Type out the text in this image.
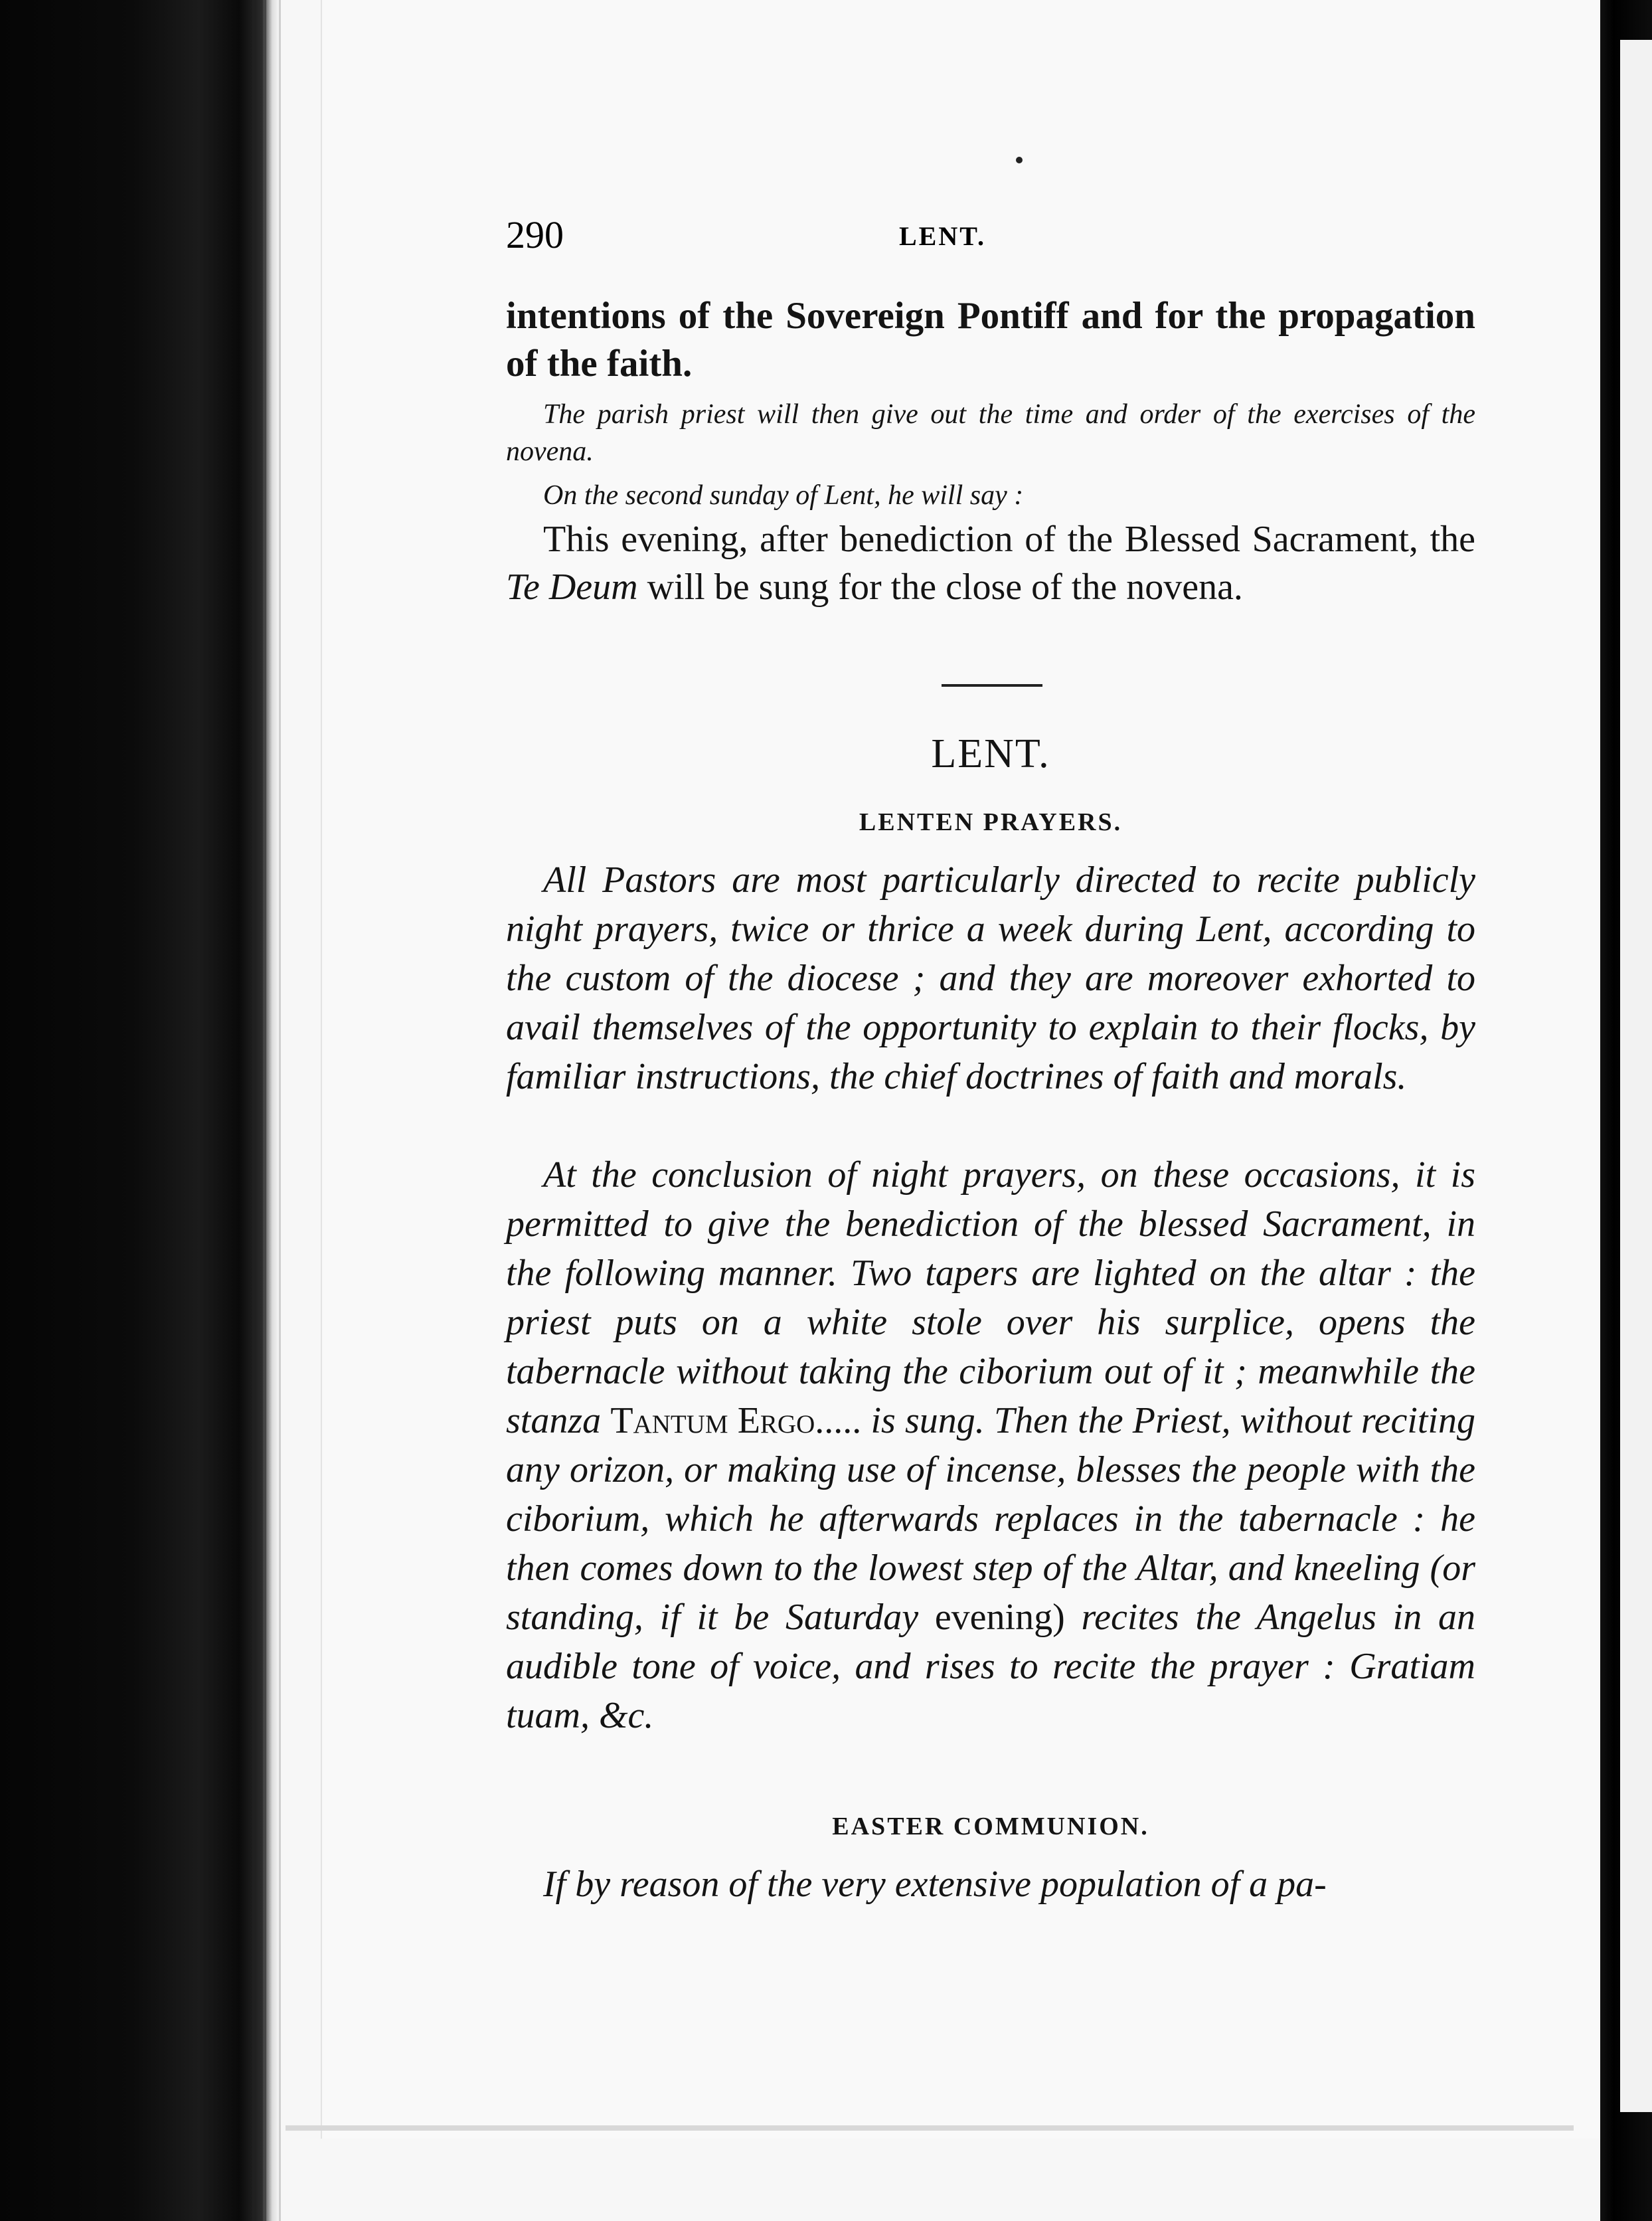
290	LENT.
intentions of the Sovereign Pontiff and for the propagation of the faith.
The parish priest will then give out the time and order of the exercises of the novena.
On the second sunday of Lent, he will say :
This evening, after benediction of the Blessed Sacrament, the Te Deum will be sung for the close of the novena.
LENT.
LENTEN PRAYERS.
All Pastors are most particularly directed to recite publicly night prayers, twice or thrice a week during Lent, according to the custom of the diocese ; and they are moreover exhorted to avail themselves of the opportunity to explain to their flocks, by familiar instructions, the chief doctrines of faith and morals.
At the conclusion of night prayers, on these occasions, it is permitted to give the benediction of the blessed Sacrament, in the following manner. Two tapers are lighted on the altar : the priest puts on a white stole over his surplice, opens the tabernacle without taking the ciborium out of it ; meanwhile the stanza Tantum Ergo..... is sung. Then the Priest, without reciting any orizon, or making use of incense, blesses the people with the ciborium, which he afterwards replaces in the tabernacle : he then comes down to the lowest step of the Altar, and kneeling (or standing, if it be Saturday evening) recites the Angelus in an audible tone of voice, and rises to recite the prayer : Gratiam tuam, &c.
EASTER COMMUNION.
If by reason of the very extensive population of a pa-
